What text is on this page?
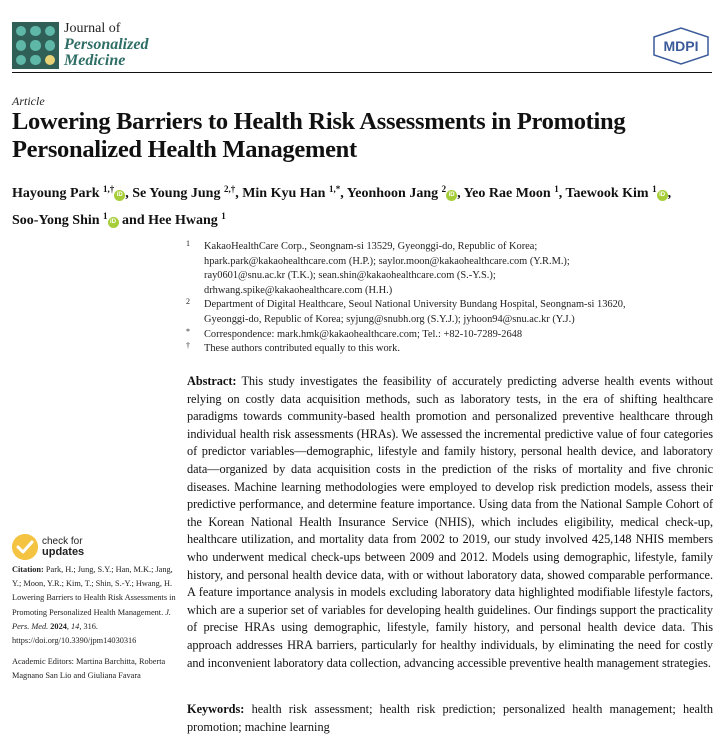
Journal of
Personalized
Medicine
MDPI
Article
Lowering Barriers to Health Risk Assessments in Promoting Personalized Health Management
Hayoung Park $^{1,\dagger}$iD , Se Young Jung $^{2,\dagger}$, Min Kyu Han $^{1,*}$, Yeonhoon Jang $^2$iD , Yeo Rae Moon $^1$, Taewook Kim $^1$iD ,
Soo-Yong Shin $^1$iD and Hee Hwang $^1$
1 KakaoHealthCare Corp., Seongnam-si 13529, Gyeonggi-do, Republic of Korea;
hpark.park@kakaohealthcare.com (H.P.); saylor.moon@kakaohealthcare.com (Y.R.M.);
ray0601@snu.ac.kr (T.K.); sean.shin@kakaohealthcare.com (S.-Y.S.);
drhwang.spike@kakaohealthcare.com (H.H.)
2 Department of Digital Healthcare, Seoul National University Bundang Hospital, Seongnam-si 13620,
Gyeonggi-do, Republic of Korea; syjung@snubh.org (S.Y.J.); jyhoon94@snu.ac.kr (Y.J.)
* Correspondence: mark.hmk@kakaohealthcare.com; Tel.: +82-10-7289-2648
† These authors contributed equally to this work.
Abstract: This study investigates the feasibility of accurately predicting adverse health events without relying on costly data acquisition methods, such as laboratory tests, in the era of shifting healthcare paradigms towards community-based health promotion and personalized preventive healthcare through individual health risk assessments (HRAs). We assessed the incremental predictive value of four categories of predictor variables—demographic, lifestyle and family history, personal health device, and laboratory data—organized by data acquisition costs in the prediction of the risks of mortality and five chronic diseases. Machine learning methodologies were employed to develop risk prediction models, assess their predictive performance, and determine feature importance. Using data from the National Sample Cohort of the Korean National Health Insurance Service (NHIS), which includes eligibility, medical check-up, healthcare utilization, and mortality data from 2002 to 2019, our study involved 425,148 NHIS members who underwent medical check-ups between 2009 and 2012. Models using demographic, lifestyle, family history, and personal health device data, with or without laboratory data, showed comparable performance. A feature importance analysis in models excluding laboratory data highlighted modifiable lifestyle factors, which are a superior set of variables for developing health guidelines. Our findings support the practicality of precise HRAs using demographic, lifestyle, family history, and personal health device data. This approach addresses HRA barriers, particularly for healthy individuals, by eliminating the need for costly and inconvenient laboratory data collection, advancing accessible preventive health management strategies.
Keywords: health risk assessment; health risk prediction; personalized health management; health promotion; machine learning
check for
updates

Citation: Park, H.; Jung, S.Y.; Han, M.K.; Jang, Y.; Moon, Y.R.; Kim, T.; Shin, S.-Y.; Hwang, H. Lowering Barriers to Health Risk Assessments in Promoting Personalized Health Management. J. Pers. Med. 2024, 14, 316. https://doi.org/10.3390/jpm14030316

Academic Editors: Martina Barchitta, Roberta Magnano San Lio and Giuliana Favara
